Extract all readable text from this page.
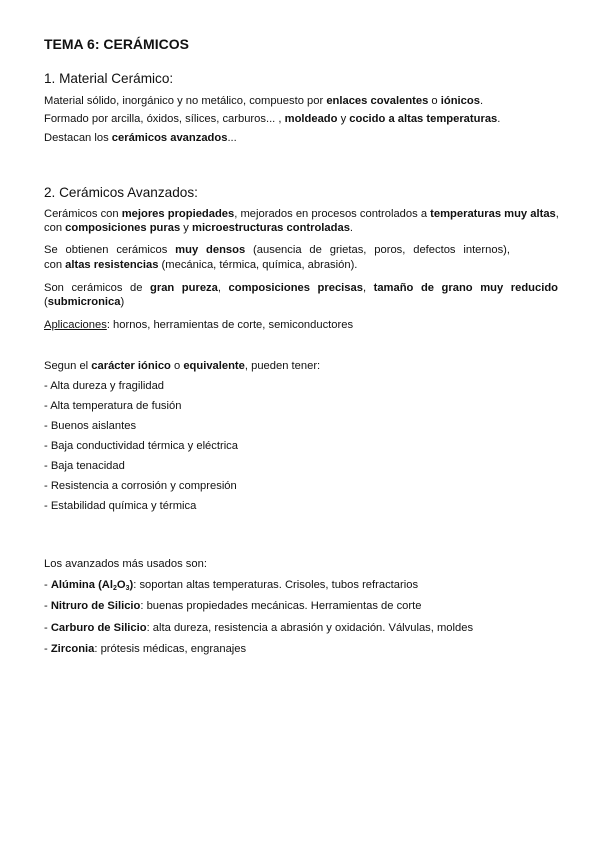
TEMA 6: CERÁMICOS
1. Material Cerámico:
Material sólido, inorgánico y no metálico, compuesto por enlaces covalentes o iónicos.
Formado por arcilla, óxidos, sílices, carburos... , moldeado y cocido a altas temperaturas.
Destacan los cerámicos avanzados...
2. Cerámicos Avanzados:
Cerámicos con mejores propiedades, mejorados en procesos controlados a temperaturas muy altas,
con composiciones puras y microestructuras controladas.
Se obtienen cerámicos muy densos (ausencia de grietas, poros, defectos internos),
con altas resistencias (mecánica, térmica, química, abrasión).
Son cerámicos de gran pureza, composiciones precisas, tamaño de grano muy reducido
(submicronica)
Aplicaciones: hornos, herramientas de corte, semiconductores
Segun el carácter iónico o equivalente, pueden tener:
- Alta dureza y fragilidad
- Alta temperatura de fusión
- Buenos aislantes
- Baja conductividad térmica y eléctrica
- Baja tenacidad
- Resistencia a corrosión y compresión
- Estabilidad química y térmica
Los avanzados más usados son:
- Alúmina $(Al_2O_3)$: soportan altas temperaturas. Crisoles, tubos refractarios
- Nitruro de Silicio: buenas propiedades mecánicas. Herramientas de corte
- Carburo de Silicio: alta dureza, resistencia a abrasión y oxidación. Válvulas, moldes
- Zirconia: prótesis médicas, engranajes
